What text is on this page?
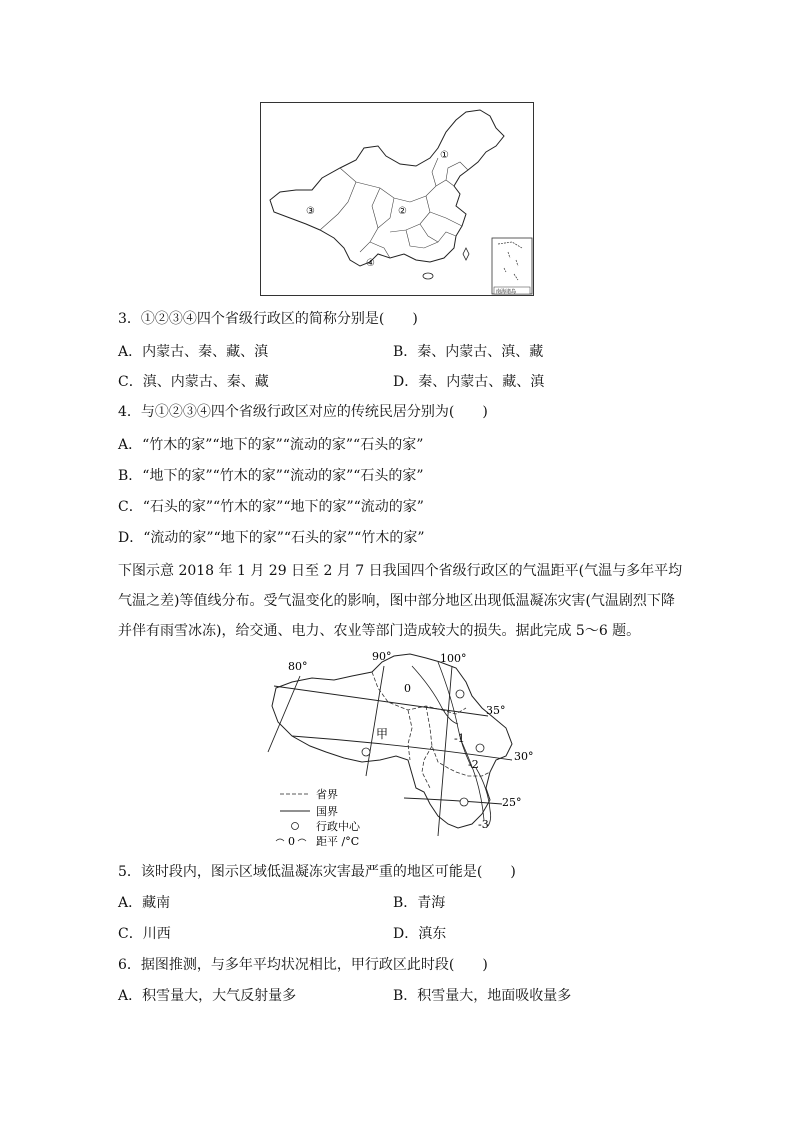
①
②
③
④
南海诸岛
3．①②③④四个省级行政区的简称分别是(　　)
A．内蒙古、秦、藏、滇	B．秦、内蒙古、滇、藏
C．滇、内蒙古、秦、藏	D．秦、内蒙古、藏、滇
4．与①②③④四个省级行政区对应的传统民居分别为(　　)
A．“竹木的家”“地下的家”“流动的家”“石头的家”
B．“地下的家”“竹木的家”“流动的家”“石头的家”
C．“石头的家”“竹木的家”“地下的家”“流动的家”
D．“流动的家”“地下的家”“石头的家”“竹木的家”
下图示意 2018 年 1 月 29 日至 2 月 7 日我国四个省级行政区的气温距平(气温与多年平均气温之差)等值线分布。受气温变化的影响，图中部分地区出现低温凝冻灾害(气温剧烈下降并伴有雨雪冰冻)，给交通、电力、农业等部门造成较大的损失。据此完成 5～6 题。
80°
90°	100°
35°
30°
25°
0
-1
-2
-3
甲
省界
国界
行政中心
0 距平 /°C
5．该时段内，图示区域低温凝冻灾害最严重的地区可能是(　　)
A．藏南	B．青海
C．川西	D．滇东
6．据图推测，与多年平均状况相比，甲行政区此时段(　　)
A．积雪量大，大气反射量多	B．积雪量大，地面吸收量多
